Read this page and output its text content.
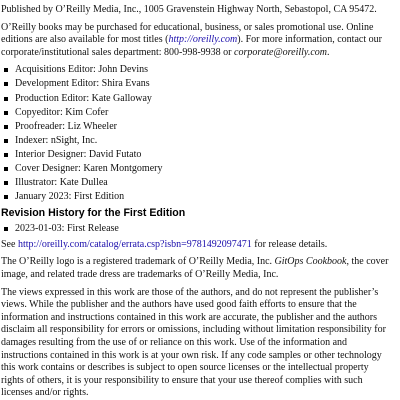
Published by O’Reilly Media, Inc., 1005 Gravenstein Highway North, Sebastopol, CA 95472.

O’Reilly books may be purchased for educational, business, or sales promotional use. Online editions are also available for most titles (http://oreilly.com). For more information, contact our corporate/institutional sales department: 800-998-9938 or corporate@oreilly.com.

Acquisitions Editor: John Devins
Development Editor: Shira Evans
Production Editor: Kate Galloway
Copyeditor: Kim Cofer
Proofreader: Liz Wheeler
Indexer: nSight, Inc.
Interior Designer: David Futato
Cover Designer: Karen Montgomery
Illustrator: Kate Dullea
January 2023: First Edition
Revision History for the First Edition
2023-01-03: First Release

See http://oreilly.com/catalog/errata.csp?isbn=9781492097471 for release details.

The O’Reilly logo is a registered trademark of O’Reilly Media, Inc. GitOps Cookbook, the cover image, and related trade dress are trademarks of O’Reilly Media, Inc.

The views expressed in this work are those of the authors, and do not represent the publisher’s views. While the publisher and the authors have used good faith efforts to ensure that the information and instructions contained in this work are accurate, the publisher and the authors disclaim all responsibility for errors or omissions, including without limitation responsibility for damages resulting from the use of or reliance on this work. Use of the information and instructions contained in this work is at your own risk. If any code samples or other technology this work contains or describes is subject to open source licenses or the intellectual property rights of others, it is your responsibility to ensure that your use thereof complies with such licenses and/or rights.
